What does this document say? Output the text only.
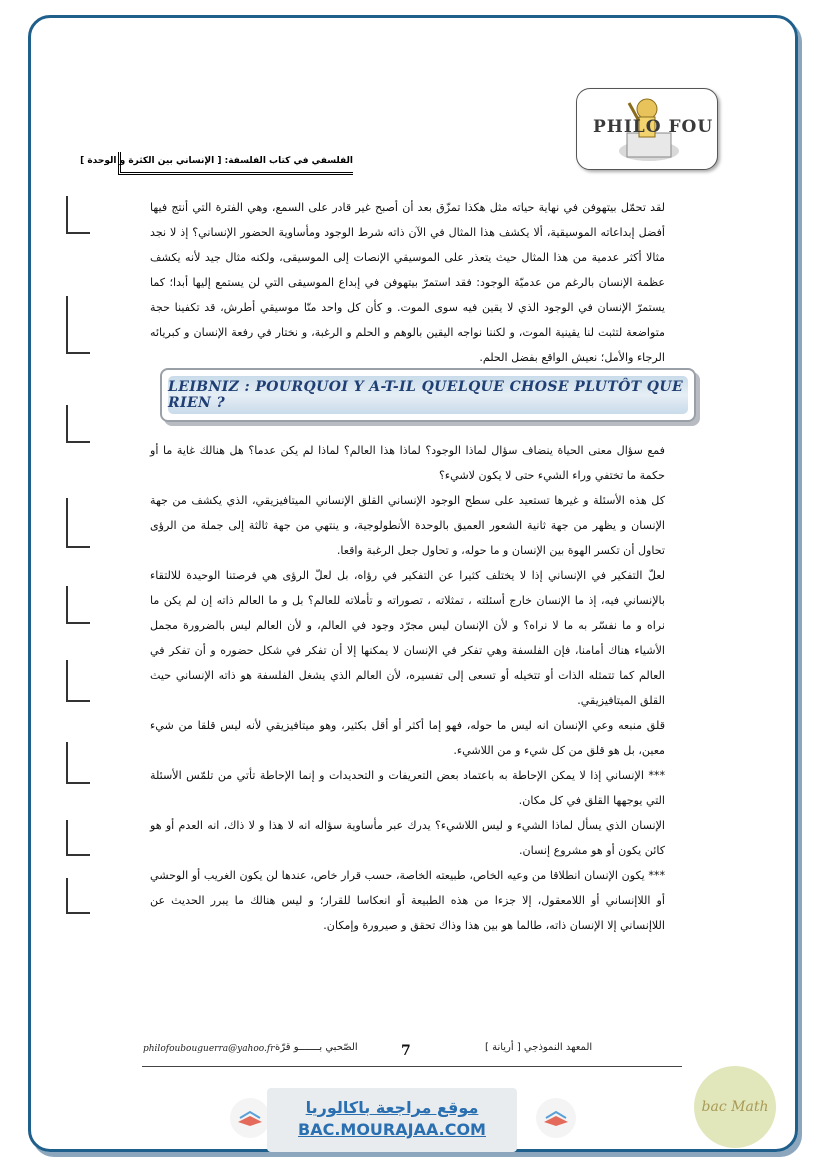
PHILO FOU
الفلسفي في كتاب الفلسفة: [ الإنساني بين الكثرة و الوحدة ]

لقد تحمّل بيتهوفن في نهاية حياته مثل هكذا تمزّق بعد أن أصبح غير قادر على السمع، وهي الفترة التي أنتج فيها أفضل إبداعاته الموسيقية، ألا يكشف هذا المثال في الآن ذاته شرط الوجود ومأساوية الحضور الإنساني؟ إذ لا نجد مثالا أكثر عدمية من هذا المثال حيث يتعذر على الموسيقي الإنصات إلى الموسيقى، ولكنه مثال جيد لأنه يكشف عظمة الإنسان بالرغم من عدميّة الوجود: فقد استمرّ بيتهوفن في إبداع الموسيقى التي لن يستمع إليها أبدا؛ كما يستمرّ الإنسان في الوجود الذي لا يقين فيه سوى الموت. و كأن كل واحد منّا موسيقي أطرش، قد تكفينا حجة متواضعة لتثبت لنا يقينية الموت، و لكننا نواجه اليقين بالوهم و الحلم و الرغبة، و نختار في رفعة الإنسان و كبريائه الرجاء والأمل؛ نعيش الواقع بفضل الحلم.

LEIBNIZ : POURQUOI Y A-T-IL QUELQUE CHOSE PLUTÔT QUE RIEN ?

فمع سؤال معنى الحياة ينضاف سؤال لماذا الوجود؟ لماذا هذا العالم؟ لماذا لم يكن عدما؟ هل هنالك غاية ما أو حكمة ما تختفي وراء الشيء حتى لا يكون لاشيء؟

كل هذه الأسئلة و غيرها تستعيد على سطح الوجود الإنساني القلق الإنساني الميتافيزيقي، الذي يكشف من جهة الإنسان و يظهر من جهة ثانية الشعور العميق بالوحدة الأنطولوجية، و ينتهي من جهة ثالثة إلى جملة من الرؤى تحاول أن تكسر الهوة بين الإنسان و ما حوله، و تحاول جعل الرغبة واقعا.

لعلّ التفكير في الإنساني إذا لا يختلف كثيرا عن التفكير في رؤاه، بل لعلّ الرؤى هي فرصتنا الوحيدة للالتقاء بالإنساني فيه، إذ ما الإنسان خارج أسئلته ، تمثلاته ، تصوراته و تأملاته للعالم؟ بل و ما العالم ذاته إن لم يكن ما نراه و ما نفسّر به ما لا نراه؟ و لأن الإنسان ليس مجرّد وجود في العالم، و لأن العالم ليس بالضرورة مجمل الأشياء هناك أمامنا، فإن الفلسفة وهي تفكر في الإنسان لا يمكنها إلا أن تفكر في شكل حضوره و أن تفكر في العالم كما تتمثله الذات أو تتخيله أو تسعى إلى تفسيره، لأن العالم الذي يشغل الفلسفة هو ذاته الإنساني حيث القلق الميتافيزيقي.

قلق منبعه وعي الإنسان انه ليس ما حوله، فهو إما أكثر أو أقل بكثير، وهو ميتافيزيقي لأنه ليس قلقا من شيء معين، بل هو قلق من كل شيء و من اللاشيء.

*** الإنساني إذا لا يمكن الإحاطة به باعتماد بعض التعريفات و التحديدات و إنما الإحاطة تأتي من تلمّس الأسئلة التي يوجهها القلق في كل مكان.

الإنسان الذي يسأل لماذا الشيء و ليس اللاشيء؟ يدرك عبر مأساوية سؤاله انه لا هذا و لا ذاك، انه العدم أو هو كائن يكون أو هو مشروع إنسان.

*** يكون الإنسان انطلاقا من وعيه الخاص، طبيعته الخاصة، حسب قرار خاص، عندها لن يكون الغريب أو الوحشي أو اللاإنساني أو اللامعقول، إلا جزءا من هذه الطبيعة أو انعكاسا للقرار؛ و ليس هنالك ما يبرر الحديث عن اللاإنساني إلا الإنسان ذاته، طالما هو بين هذا وذاك تحقق و صيرورة وإمكان.

philofoubouguerra@yahoo.fr الصّحبي بـــــــو قرّة	7	المعهد النموذجي [ أريانة ]
موقع مراجعة باكالوريا
BAC.MOURAJAA.COM
bac Math
